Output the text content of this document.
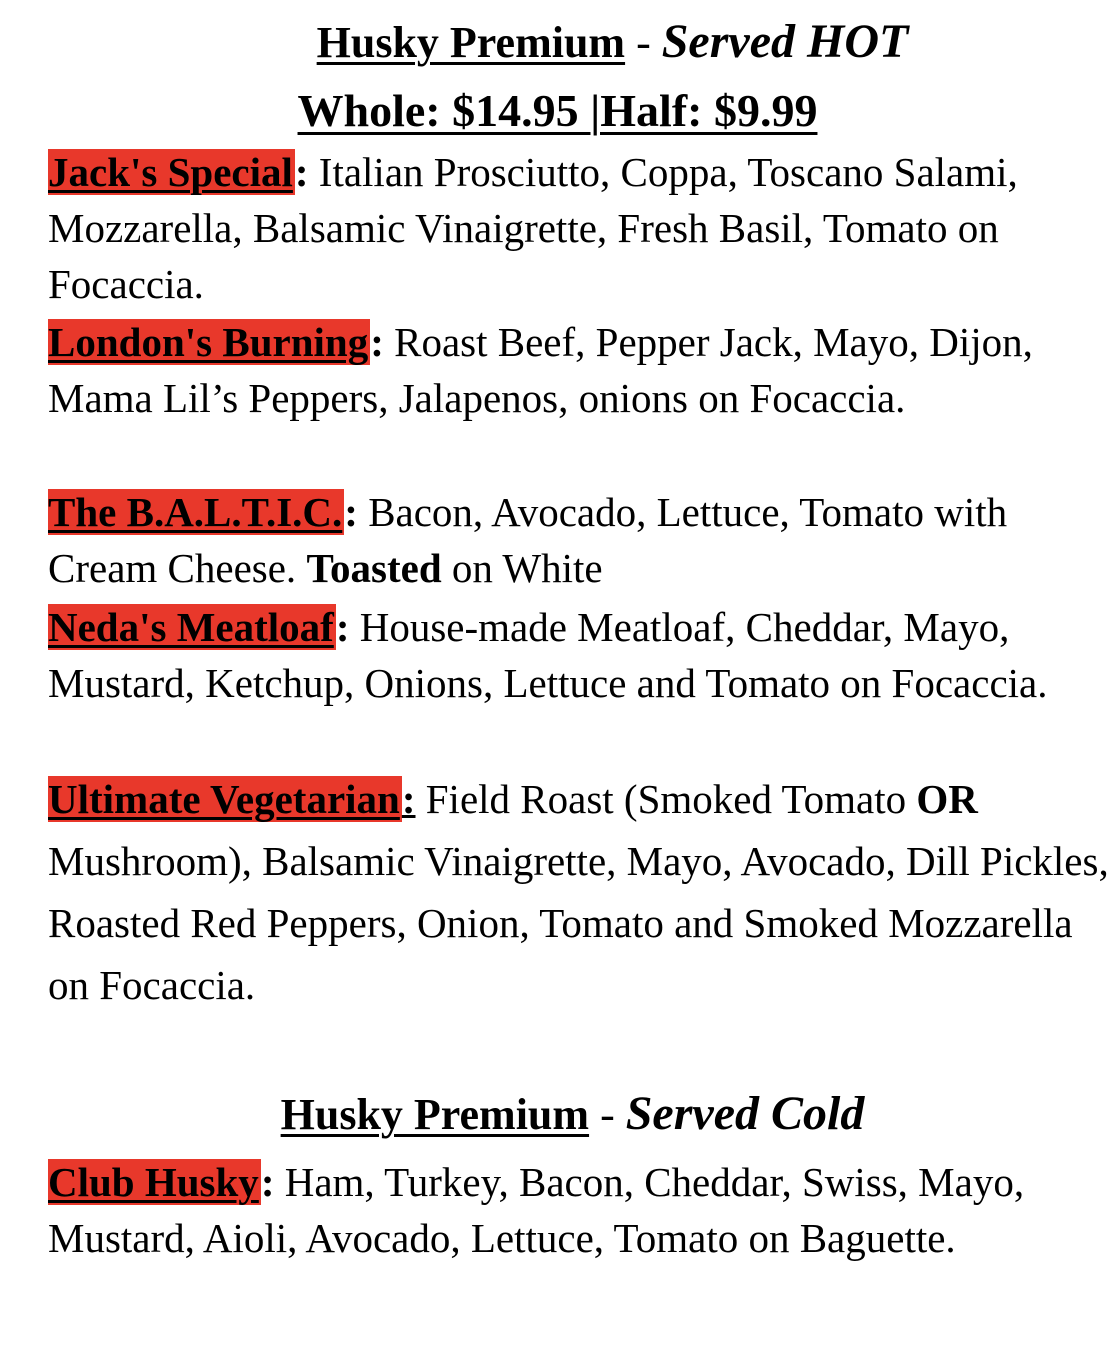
Husky Premium - Served HOT
Whole: $14.95 |Half: $9.99
Jack's Special: Italian Prosciutto, Coppa, Toscano Salami, Mozzarella, Balsamic Vinaigrette, Fresh Basil, Tomato on Focaccia.
London's Burning: Roast Beef, Pepper Jack, Mayo, Dijon, Mama Lil’s Peppers, Jalapenos, onions on Focaccia.
The B.A.L.T.I.C.: Bacon, Avocado, Lettuce, Tomato with Cream Cheese. Toasted on White
Neda's Meatloaf: House-made Meatloaf, Cheddar, Mayo, Mustard, Ketchup, Onions, Lettuce and Tomato on Focaccia.
Ultimate Vegetarian: Field Roast (Smoked Tomato OR Mushroom), Balsamic Vinaigrette, Mayo, Avocado, Dill Pickles, Roasted Red Peppers, Onion, Tomato and Smoked Mozzarella on Focaccia.
Husky Premium - Served Cold
Club Husky: Ham, Turkey, Bacon, Cheddar, Swiss, Mayo, Mustard, Aioli, Avocado, Lettuce, Tomato on Baguette.
